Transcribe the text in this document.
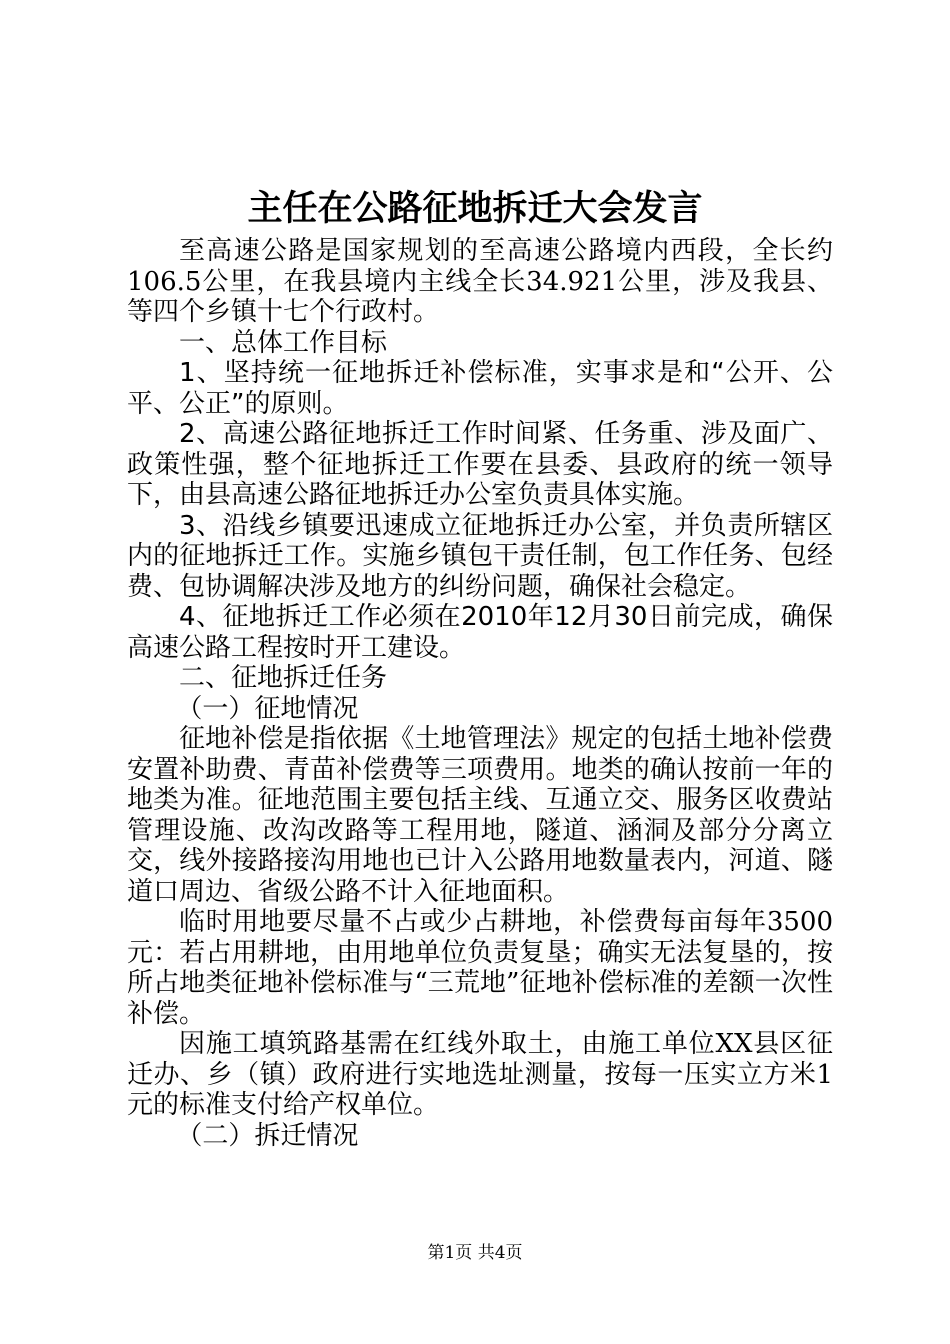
主任在公路征地拆迁大会发言

至高速公路是国家规划的至高速公路境内西段，全长约106.5公里，在我县境内主线全长34.921公里，涉及我县、等四个乡镇十七个行政村。

一、总体工作目标

1、坚持统一征地拆迁补偿标准，实事求是和“公开、公平、公正”的原则。

2、高速公路征地拆迁工作时间紧、任务重、涉及面广、政策性强，整个征地拆迁工作要在县委、县政府的统一领导下，由县高速公路征地拆迁办公室负责具体实施。

3、沿线乡镇要迅速成立征地拆迁办公室，并负责所辖区内的征地拆迁工作。实施乡镇包干责任制，包工作任务、包经费、包协调解决涉及地方的纠纷问题，确保社会稳定。

4、征地拆迁工作必须在2010年12月30日前完成，确保高速公路工程按时开工建设。

二、征地拆迁任务

（一）征地情况

征地补偿是指依据《土地管理法》规定的包括土地补偿费安置补助费、青苗补偿费等三项费用。地类的确认按前一年的地类为准。征地范围主要包括主线、互通立交、服务区收费站管理设施、改沟改路等工程用地，隧道、涵洞及部分分离立交，线外接路接沟用地也已计入公路用地数量表内，河道、隧道口周边、省级公路不计入征地面积。

临时用地要尽量不占或少占耕地，补偿费每亩每年3500元：若占用耕地，由用地单位负责复垦；确实无法复垦的，按所占地类征地补偿标准与“三荒地”征地补偿标准的差额一次性补偿。

因施工填筑路基需在红线外取土，由施工单位XX县区征迁办、乡（镇）政府进行实地选址测量，按每一压实立方米1元的标准支付给产权单位。

（二）拆迁情况

第1页 共4页
